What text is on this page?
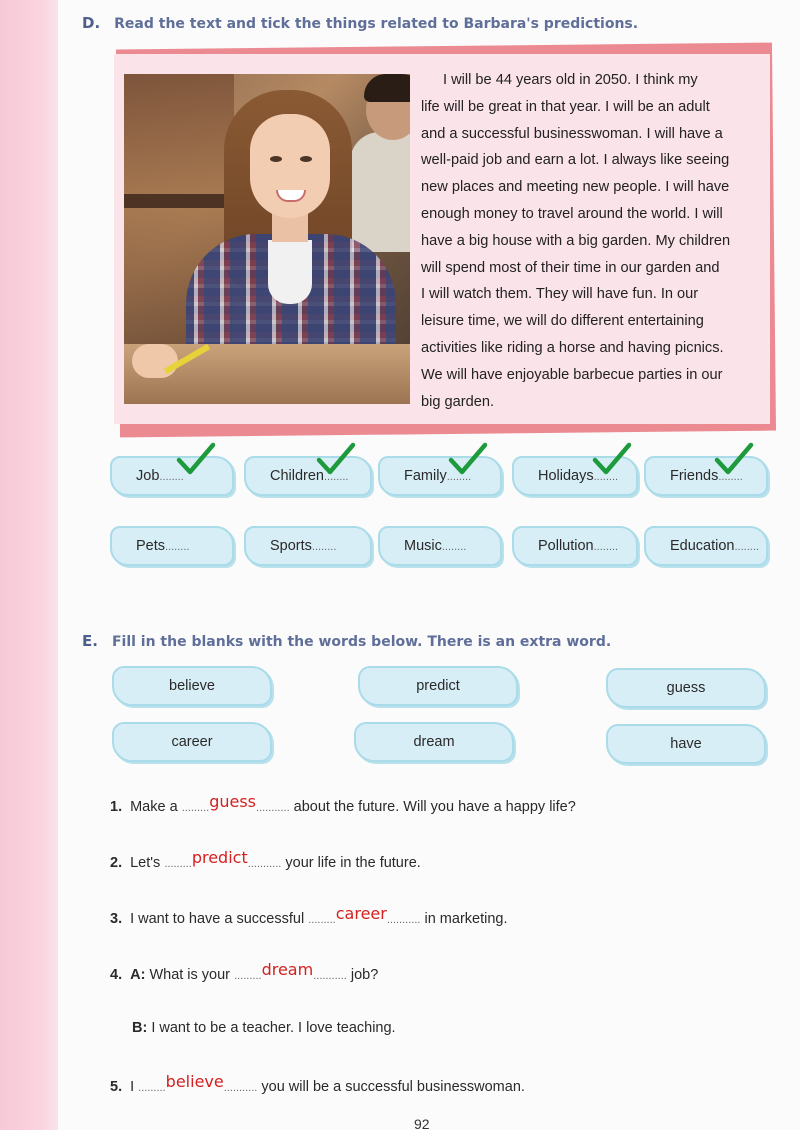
D. Read the text and tick the things related to Barbara's predictions.
I will be 44 years old in 2050. I think my
life will be great in that year. I will be an adult
and a successful businesswoman. I will have a
well-paid job and earn a lot. I always like seeing
new places and meeting new people. I will have
enough money to travel around the world. I will
have a big house with a big garden. My children
will spend most of their time in our garden and
I will watch them. They will have fun. In our
leisure time, we will do different entertaining
activities like riding a horse and having picnics.
We will have enjoyable barbecue parties in our
big garden.
Job ........	Children ........	Family ........	Holidays ........	Friends ........
Pets ........	Sports ........	Music ........	Pollution ........	Education ........
E. Fill in the blanks with the words below. There is an extra word.
believe	predict	guess
career	dream	have
1. Make a .........guess........... about the future. Will you have a happy life?
2. Let's .........predict........... your life in the future.
3. I want to have a successful .........career........... in marketing.
4. A: What is your .........dream........... job?
B: I want to be a teacher. I love teaching.
5. I .........believe........... you will be a successful businesswoman.
92
